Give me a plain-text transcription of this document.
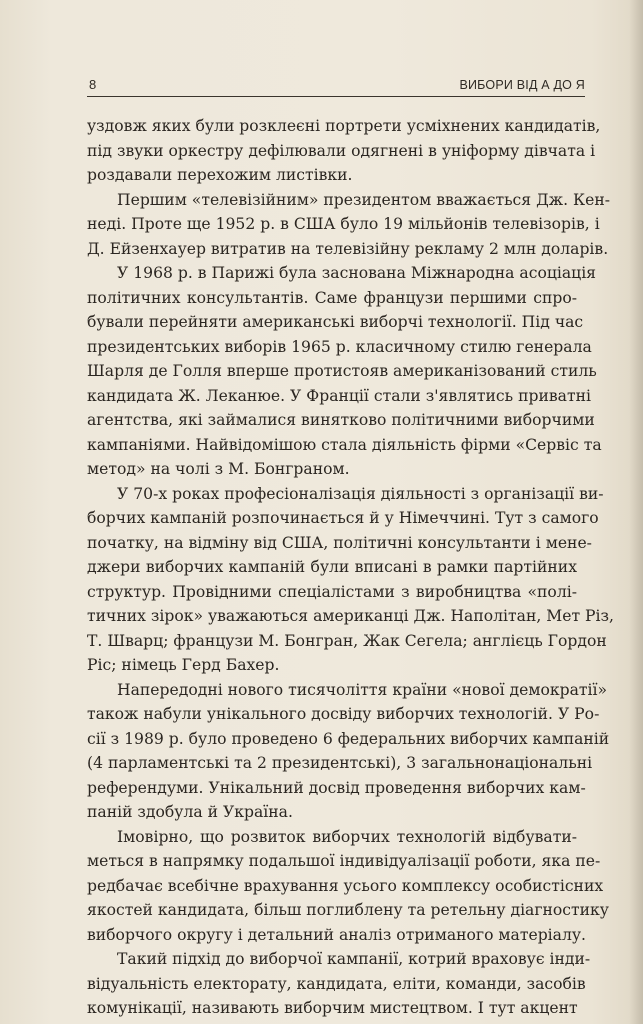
8	ВИБОРИ ВІД А ДО Я

уздовж яких були розклеєні портрети усміхнених кандидатів,
під звуки оркестру дефілювали одягнені в уніформу дівчата і
роздавали перехожим листівки.

Першим «телевізійним» президентом вважається Дж. Кен-
неді. Проте ще 1952 р. в США було 19 мільйонів телевізорів, і
Д. Ейзенхауер витратив на телевізійну рекламу 2 млн доларів.

У 1968 р. в Парижі була заснована Міжнародна асоціація
політичних консультантів. Саме французи першими спро-
бували перейняти американські виборчі технології. Під час
президентських виборів 1965 р. класичному стилю генерала
Шарля де Голля вперше протистояв американізований стиль
кандидата Ж. Леканюе. У Франції стали з'являтись приватні
агентства, які займалися винятково політичними виборчими
кампаніями. Найвідомішою стала діяльність фірми «Сервіс та
метод» на чолі з М. Бонграном.

У 70-х роках професіоналізація діяльності з організації ви-
борчих кампаній розпочинається й у Німеччині. Тут з самого
початку, на відміну від США, політичні консультанти і мене-
джери виборчих кампаній були вписані в рамки партійних
структур. Провідними спеціалістами з виробництва «полі-
тичних зірок» уважаються американці Дж. Наполітан, Мет Різ,
Т. Шварц; французи М. Бонгран, Жак Сегела; англієць Гордон
Ріс; німець Герд Бахер.

Напередодні нового тисячоліття країни «нової демократії»
також набули унікального досвіду виборчих технологій. У Ро-
сії з 1989 р. було проведено 6 федеральних виборчих кампаній
(4 парламентські та 2 президентські), 3 загальнонаціональні
референдуми. Унікальний досвід проведення виборчих кам-
паній здобула й Україна.

Імовірно, що розвиток виборчих технологій відбувати-
меться в напрямку подальшої індивідуалізації роботи, яка пе-
редбачає всебічне врахування усього комплексу особистісних
якостей кандидата, більш поглиблену та ретельну діагностику
виборчого округу і детальний аналіз отриманого матеріалу.

Такий підхід до виборчої кампанії, котрий враховує інди-
відуальність електорату, кандидата, еліти, команди, засобів
комунікації, називають виборчим мистецтвом. І тут акцент
